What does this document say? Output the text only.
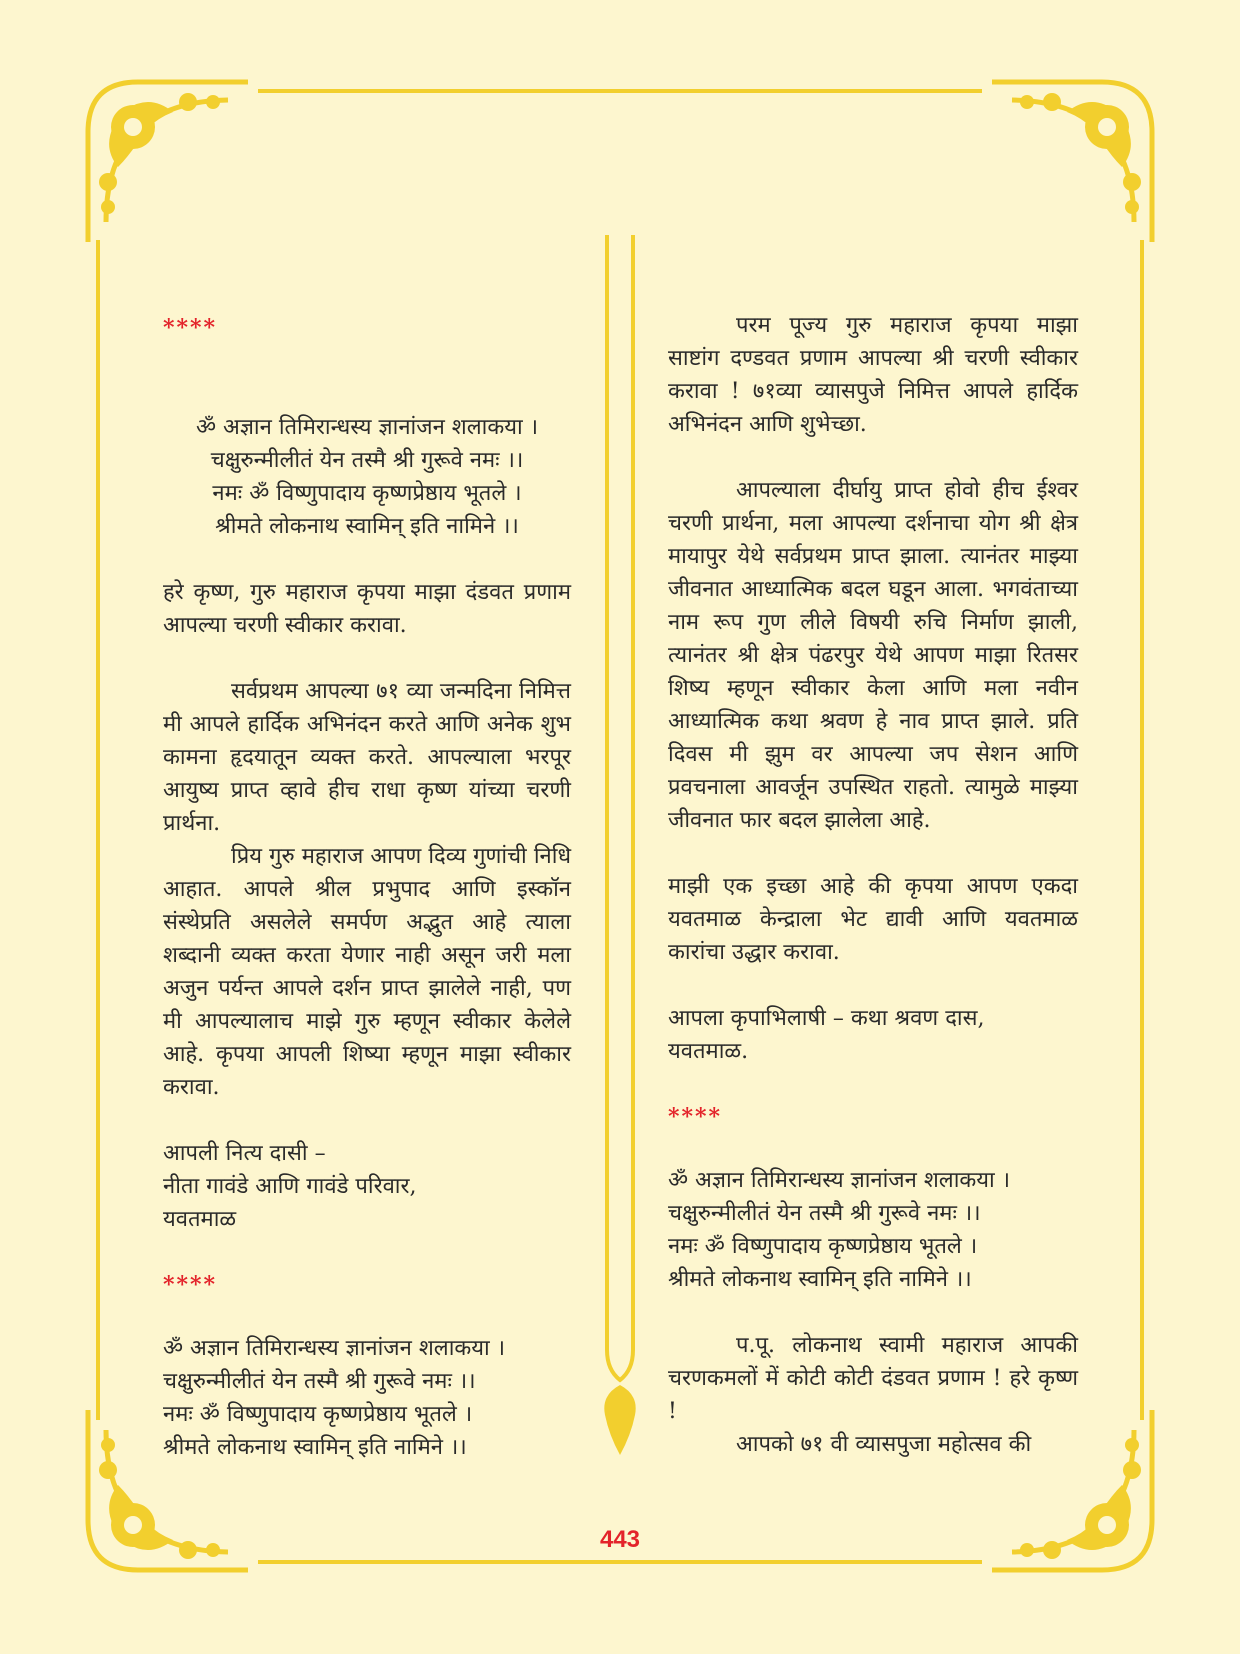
****

ॐ अज्ञान तिमिरान्धस्य ज्ञानांजन शलाकया ।

चक्षुरुन्मीलीतं येन तस्मै श्री गुरूवे नमः ।।

नमः ॐ विष्णुपादाय कृष्णप्रेष्ठाय भूतले ।

श्रीमते लोकनाथ स्वामिन् इति नामिने ।।

हरे कृष्ण, गुरु महाराज कृपया माझा दंडवत प्रणाम आपल्या चरणी स्वीकार करावा.

सर्वप्रथम आपल्या ७१ व्या जन्मदिना निमित्त मी आपले हार्दिक अभिनंदन करते आणि अनेक शुभ कामना हृदयातून व्यक्त करते. आपल्याला भरपूर आयुष्य प्राप्त व्हावे हीच राधा कृष्ण यांच्या चरणी प्रार्थना.

प्रिय गुरु महाराज आपण दिव्य गुणांची निधि आहात. आपले श्रील प्रभुपाद आणि इस्कॉन संस्थेप्रति असलेले समर्पण अद्भुत आहे त्याला शब्दानी व्यक्त करता येणार नाही असून जरी मला अजुन पर्यन्त आपले दर्शन प्राप्त झालेले नाही, पण मी आपल्यालाच माझे गुरु म्हणून स्वीकार केलेले आहे. कृपया आपली शिष्या म्हणून माझा स्वीकार करावा.

आपली नित्य दासी –

नीता गावंडे आणि गावंडे परिवार,

यवतमाळ

****

ॐ अज्ञान तिमिरान्धस्य ज्ञानांजन शलाकया ।

चक्षुरुन्मीलीतं येन तस्मै श्री गुरूवे नमः ।।

नमः ॐ विष्णुपादाय कृष्णप्रेष्ठाय भूतले ।

श्रीमते लोकनाथ स्वामिन् इति नामिने ।।

परम पूज्य गुरु महाराज कृपया माझा साष्टांग दण्डवत प्रणाम आपल्या श्री चरणी स्वीकार करावा ! ७१व्या व्यासपुजे निमित्त आपले हार्दिक अभिनंदन आणि शुभेच्छा.

आपल्याला दीर्घायु प्राप्त होवो हीच ईश्वर चरणी प्रार्थना, मला आपल्या दर्शनाचा योग श्री क्षेत्र मायापुर येथे सर्वप्रथम प्राप्त झाला. त्यानंतर माझ्या जीवनात आध्यात्मिक बदल घडून आला. भगवंताच्या नाम रूप गुण लीले विषयी रुचि निर्माण झाली, त्यानंतर श्री क्षेत्र पंढरपुर येथे आपण माझा रितसर शिष्य म्हणून स्वीकार केला आणि मला नवीन आध्यात्मिक कथा श्रवण हे नाव प्राप्त झाले. प्रति दिवस मी झुम वर आपल्या जप सेशन आणि प्रवचनाला आवर्जून उपस्थित राहतो. त्यामुळे माझ्या जीवनात फार बदल झालेला आहे.

माझी एक इच्छा आहे की कृपया आपण एकदा यवतमाळ केन्द्राला भेट द्यावी आणि यवतमाळ कारांचा उद्धार करावा.

आपला कृपाभिलाषी – कथा श्रवण दास,

यवतमाळ.

****

ॐ अज्ञान तिमिरान्धस्य ज्ञानांजन शलाकया ।

चक्षुरुन्मीलीतं येन तस्मै श्री गुरूवे नमः ।।

नमः ॐ विष्णुपादाय कृष्णप्रेष्ठाय भूतले ।

श्रीमते लोकनाथ स्वामिन् इति नामिने ।।

प.पू. लोकनाथ स्वामी महाराज आपकी चरणकमलों में कोटी कोटी दंडवत प्रणाम ! हरे कृष्ण !

आपको ७१ वी व्यासपुजा महोत्सव की

443
